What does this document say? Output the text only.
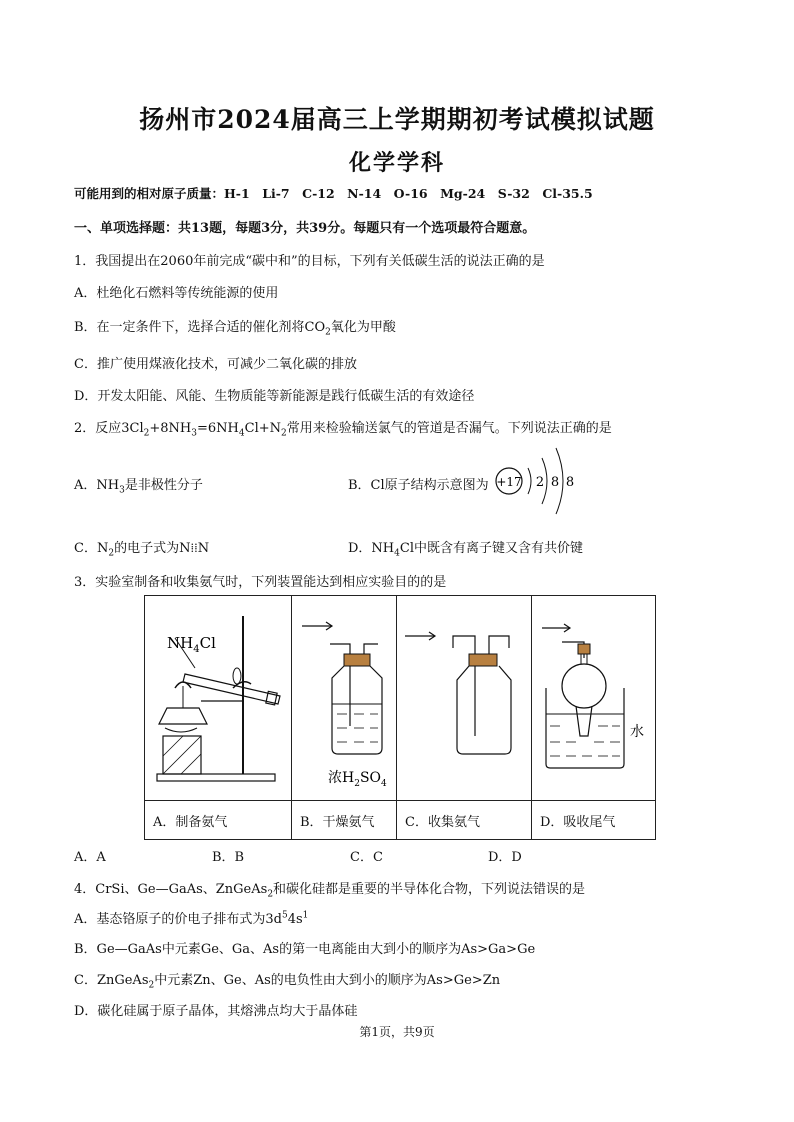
扬州市2024届高三上学期期初考试模拟试题
化学学科
可能用到的相对原子质量：H-1　Li-7　C-12　N-14　O-16　Mg-24　S-32　Cl-35.5
一、单项选择题：共13题，每题3分，共39分。每题只有一个选项最符合题意。
1．我国提出在2060年前完成“碳中和”的目标，下列有关低碳生活的说法正确的是
A．杜绝化石燃料等传统能源的使用
B．在一定条件下，选择合适的催化剂将$CO_2$氧化为甲酸
C．推广使用煤液化技术，可减少二氧化碳的排放
D．开发太阳能、风能、生物质能等新能源是践行低碳生活的有效途径
2．反应$3Cl_2+8NH_3=6NH_4Cl+N_2$常用来检验输送氯气的管道是否漏气。下列说法正确的是
A．$NH_3$是非极性分子	B．Cl原子结构示意图为 +17 2 8 8
C．$N_2$的电子式为N⁞⁞N	D．$NH_4Cl$中既含有离子键又含有共价键
3．实验室制备和收集氨气时，下列装置能达到相应实验目的的是
$NH_4Cl$	浓$H_2SO_4$		水

A．制备氨气	B．干燥氨气	C．收集氨气	D．吸收尾气
A．A	B．B	C．C	D．D
4．CrSi、Ge—GaAs、ZnGeAs$_2$和碳化硅都是重要的半导体化合物，下列说法错误的是
A．基态铬原子的价电子排布式为$3d^54s^1$
B．Ge—GaAs中元素Ge、Ga、As的第一电离能由大到小的顺序为As>Ga>Ge
C．ZnGeAs$_2$中元素Zn、Ge、As的电负性由大到小的顺序为As>Ge>Zn
D．碳化硅属于原子晶体，其熔沸点均大于晶体硅
第1页，共9页
